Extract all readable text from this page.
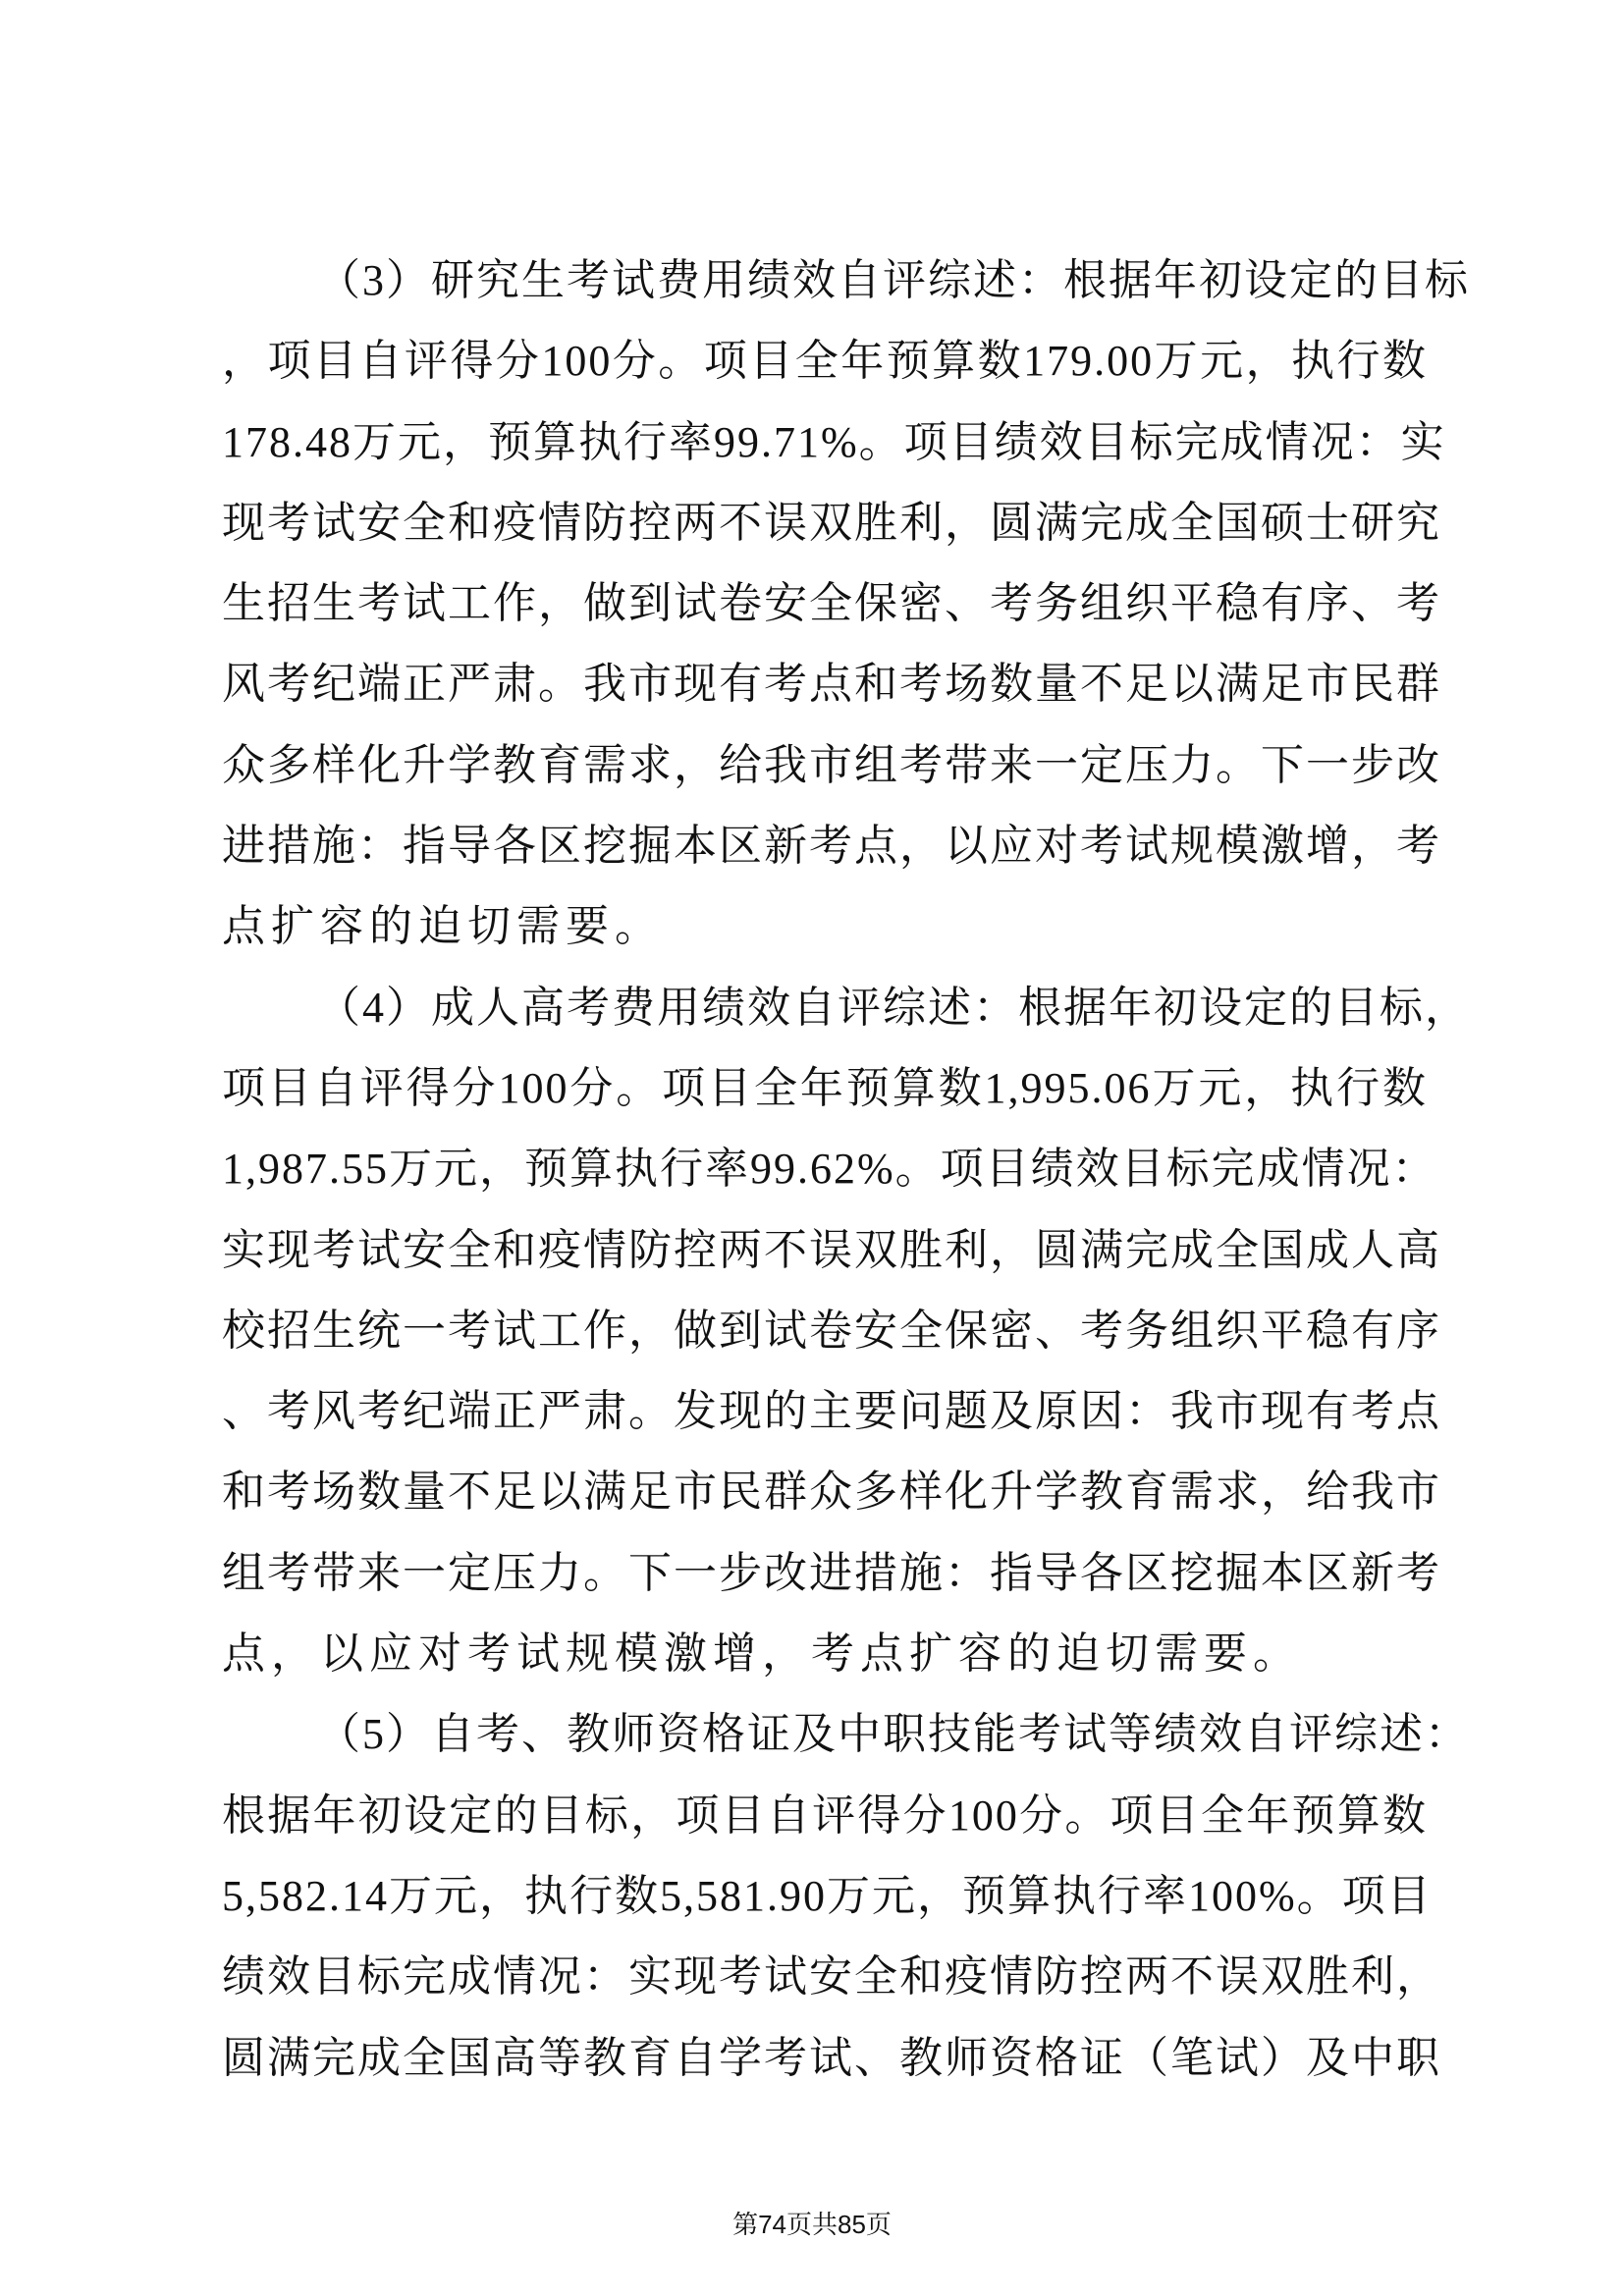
（3）研究生考试费用绩效自评综述：根据年初设定的目标
，项目自评得分100分。项目全年预算数179.00万元，执行数
178.48万元，预算执行率99.71%。项目绩效目标完成情况：实
现考试安全和疫情防控两不误双胜利，圆满完成全国硕士研究
生招生考试工作，做到试卷安全保密、考务组织平稳有序、考
风考纪端正严肃。我市现有考点和考场数量不足以满足市民群
众多样化升学教育需求，给我市组考带来一定压力。下一步改
进措施：指导各区挖掘本区新考点，以应对考试规模激增，考
点扩容的迫切需要。
（4）成人高考费用绩效自评综述：根据年初设定的目标，
项目自评得分100分。项目全年预算数1,995.06万元，执行数
1,987.55万元，预算执行率99.62%。项目绩效目标完成情况：
实现考试安全和疫情防控两不误双胜利，圆满完成全国成人高
校招生统一考试工作，做到试卷安全保密、考务组织平稳有序
、考风考纪端正严肃。发现的主要问题及原因：我市现有考点
和考场数量不足以满足市民群众多样化升学教育需求，给我市
组考带来一定压力。下一步改进措施：指导各区挖掘本区新考
点，以应对考试规模激增，考点扩容的迫切需要。
（5）自考、教师资格证及中职技能考试等绩效自评综述：
根据年初设定的目标，项目自评得分100分。项目全年预算数
5,582.14万元，执行数5,581.90万元，预算执行率100%。项目
绩效目标完成情况：实现考试安全和疫情防控两不误双胜利，
圆满完成全国高等教育自学考试、教师资格证（笔试）及中职
第74页共85页
